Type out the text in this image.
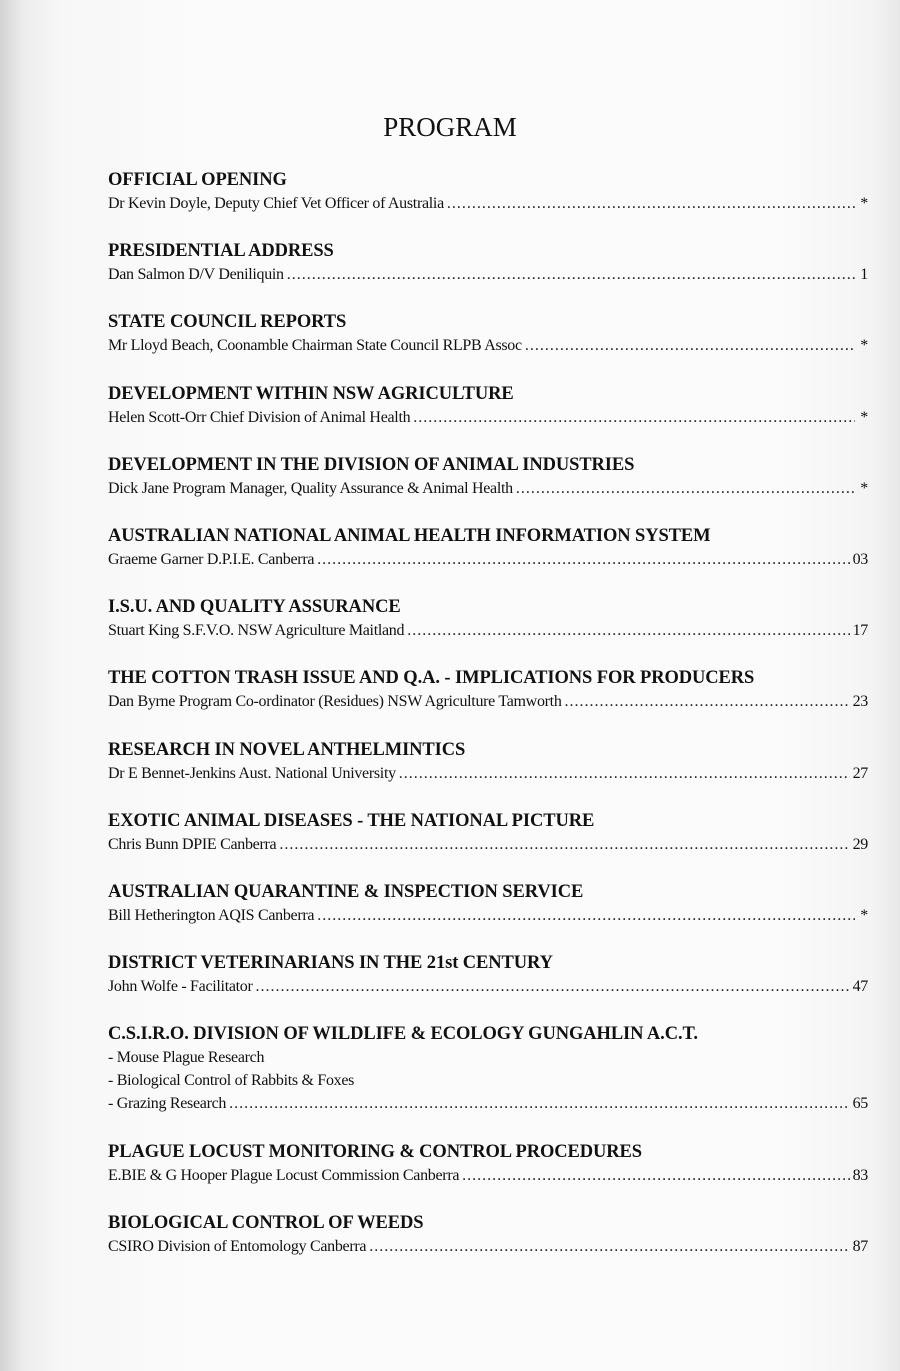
PROGRAM
OFFICIAL OPENING
Dr Kevin Doyle, Deputy Chief Vet Officer of Australia .....	*
PRESIDENTIAL ADDRESS
Dan Salmon D/V Deniliquin .....	1
STATE COUNCIL REPORTS
Mr Lloyd Beach, Coonamble Chairman State Council RLPB Assoc .....	*
DEVELOPMENT WITHIN NSW AGRICULTURE
Helen Scott-Orr Chief Division of Animal Health .....	*
DEVELOPMENT IN THE DIVISION OF ANIMAL INDUSTRIES
Dick Jane Program Manager, Quality Assurance & Animal Health .....	*
AUSTRALIAN NATIONAL ANIMAL HEALTH INFORMATION SYSTEM
Graeme Garner D.P.I.E. Canberra .....	03
I.S.U. AND QUALITY ASSURANCE
Stuart King S.F.V.O. NSW Agriculture Maitland .....	17
THE COTTON TRASH ISSUE AND Q.A. - IMPLICATIONS FOR PRODUCERS
Dan Byrne Program Co-ordinator (Residues) NSW Agriculture Tamworth .....	23
RESEARCH IN NOVEL ANTHELMINTICS
Dr E Bennet-Jenkins Aust. National University .....	27
EXOTIC ANIMAL DISEASES - THE NATIONAL PICTURE
Chris Bunn DPIE Canberra .....	29
AUSTRALIAN QUARANTINE & INSPECTION SERVICE
Bill Hetherington AQIS Canberra .....	*
DISTRICT VETERINARIANS IN THE 21st CENTURY
John Wolfe - Facilitator .....	47
C.S.I.R.O. DIVISION OF WILDLIFE & ECOLOGY GUNGAHLIN A.C.T.
- Mouse Plague Research
- Biological Control of Rabbits & Foxes
- Grazing Research .....	65
PLAGUE LOCUST MONITORING & CONTROL PROCEDURES
E.BIE & G Hooper Plague Locust Commission Canberra .....	83
BIOLOGICAL CONTROL OF WEEDS
CSIRO Division of Entomology Canberra .....	87
